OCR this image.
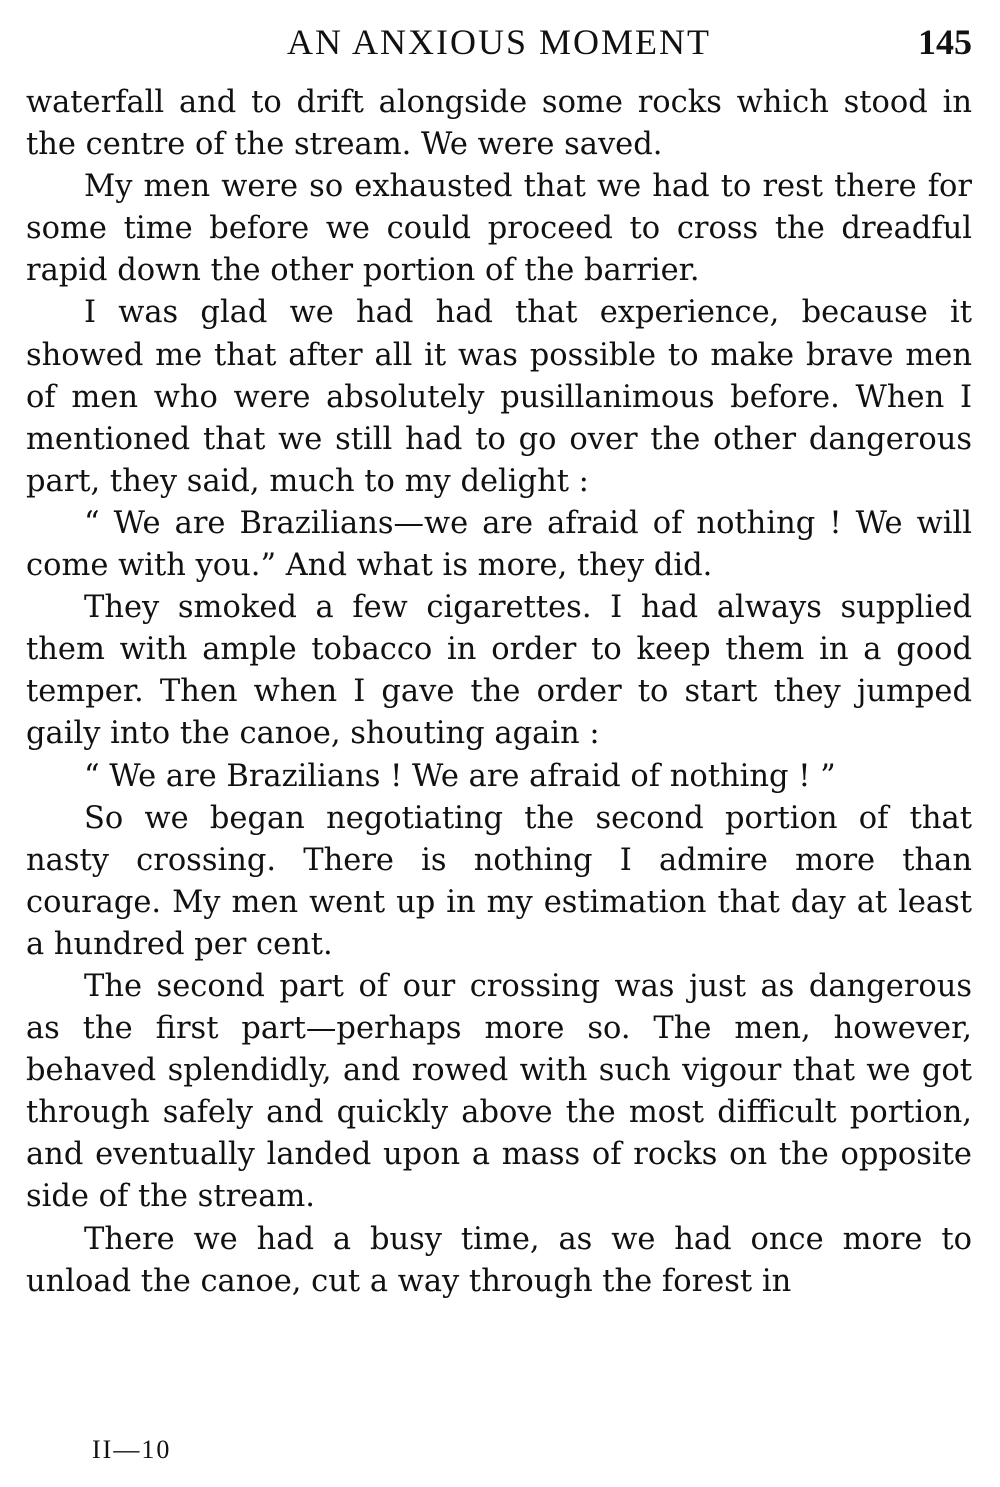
AN ANXIOUS MOMENT	145

waterfall and to drift alongside some rocks which stood in the centre of the stream. We were saved.

My men were so exhausted that we had to rest there for some time before we could proceed to cross the dreadful rapid down the other portion of the barrier.

I was glad we had had that experience, because it showed me that after all it was possible to make brave men of men who were absolutely pusillanimous before. When I mentioned that we still had to go over the other dangerous part, they said, much to my delight :

“ We are Brazilians—we are afraid of nothing ! We will come with you.” And what is more, they did.

They smoked a few cigarettes. I had always supplied them with ample tobacco in order to keep them in a good temper. Then when I gave the order to start they jumped gaily into the canoe, shouting again :

“ We are Brazilians ! We are afraid of nothing ! ”

So we began negotiating the second portion of that nasty crossing. There is nothing I admire more than courage. My men went up in my estimation that day at least a hundred per cent.

The second part of our crossing was just as dangerous as the first part—perhaps more so. The men, however, behaved splendidly, and rowed with such vigour that we got through safely and quickly above the most difficult portion, and eventually landed upon a mass of rocks on the opposite side of the stream.

There we had a busy time, as we had once more to unload the canoe, cut a way through the forest in

II—10
